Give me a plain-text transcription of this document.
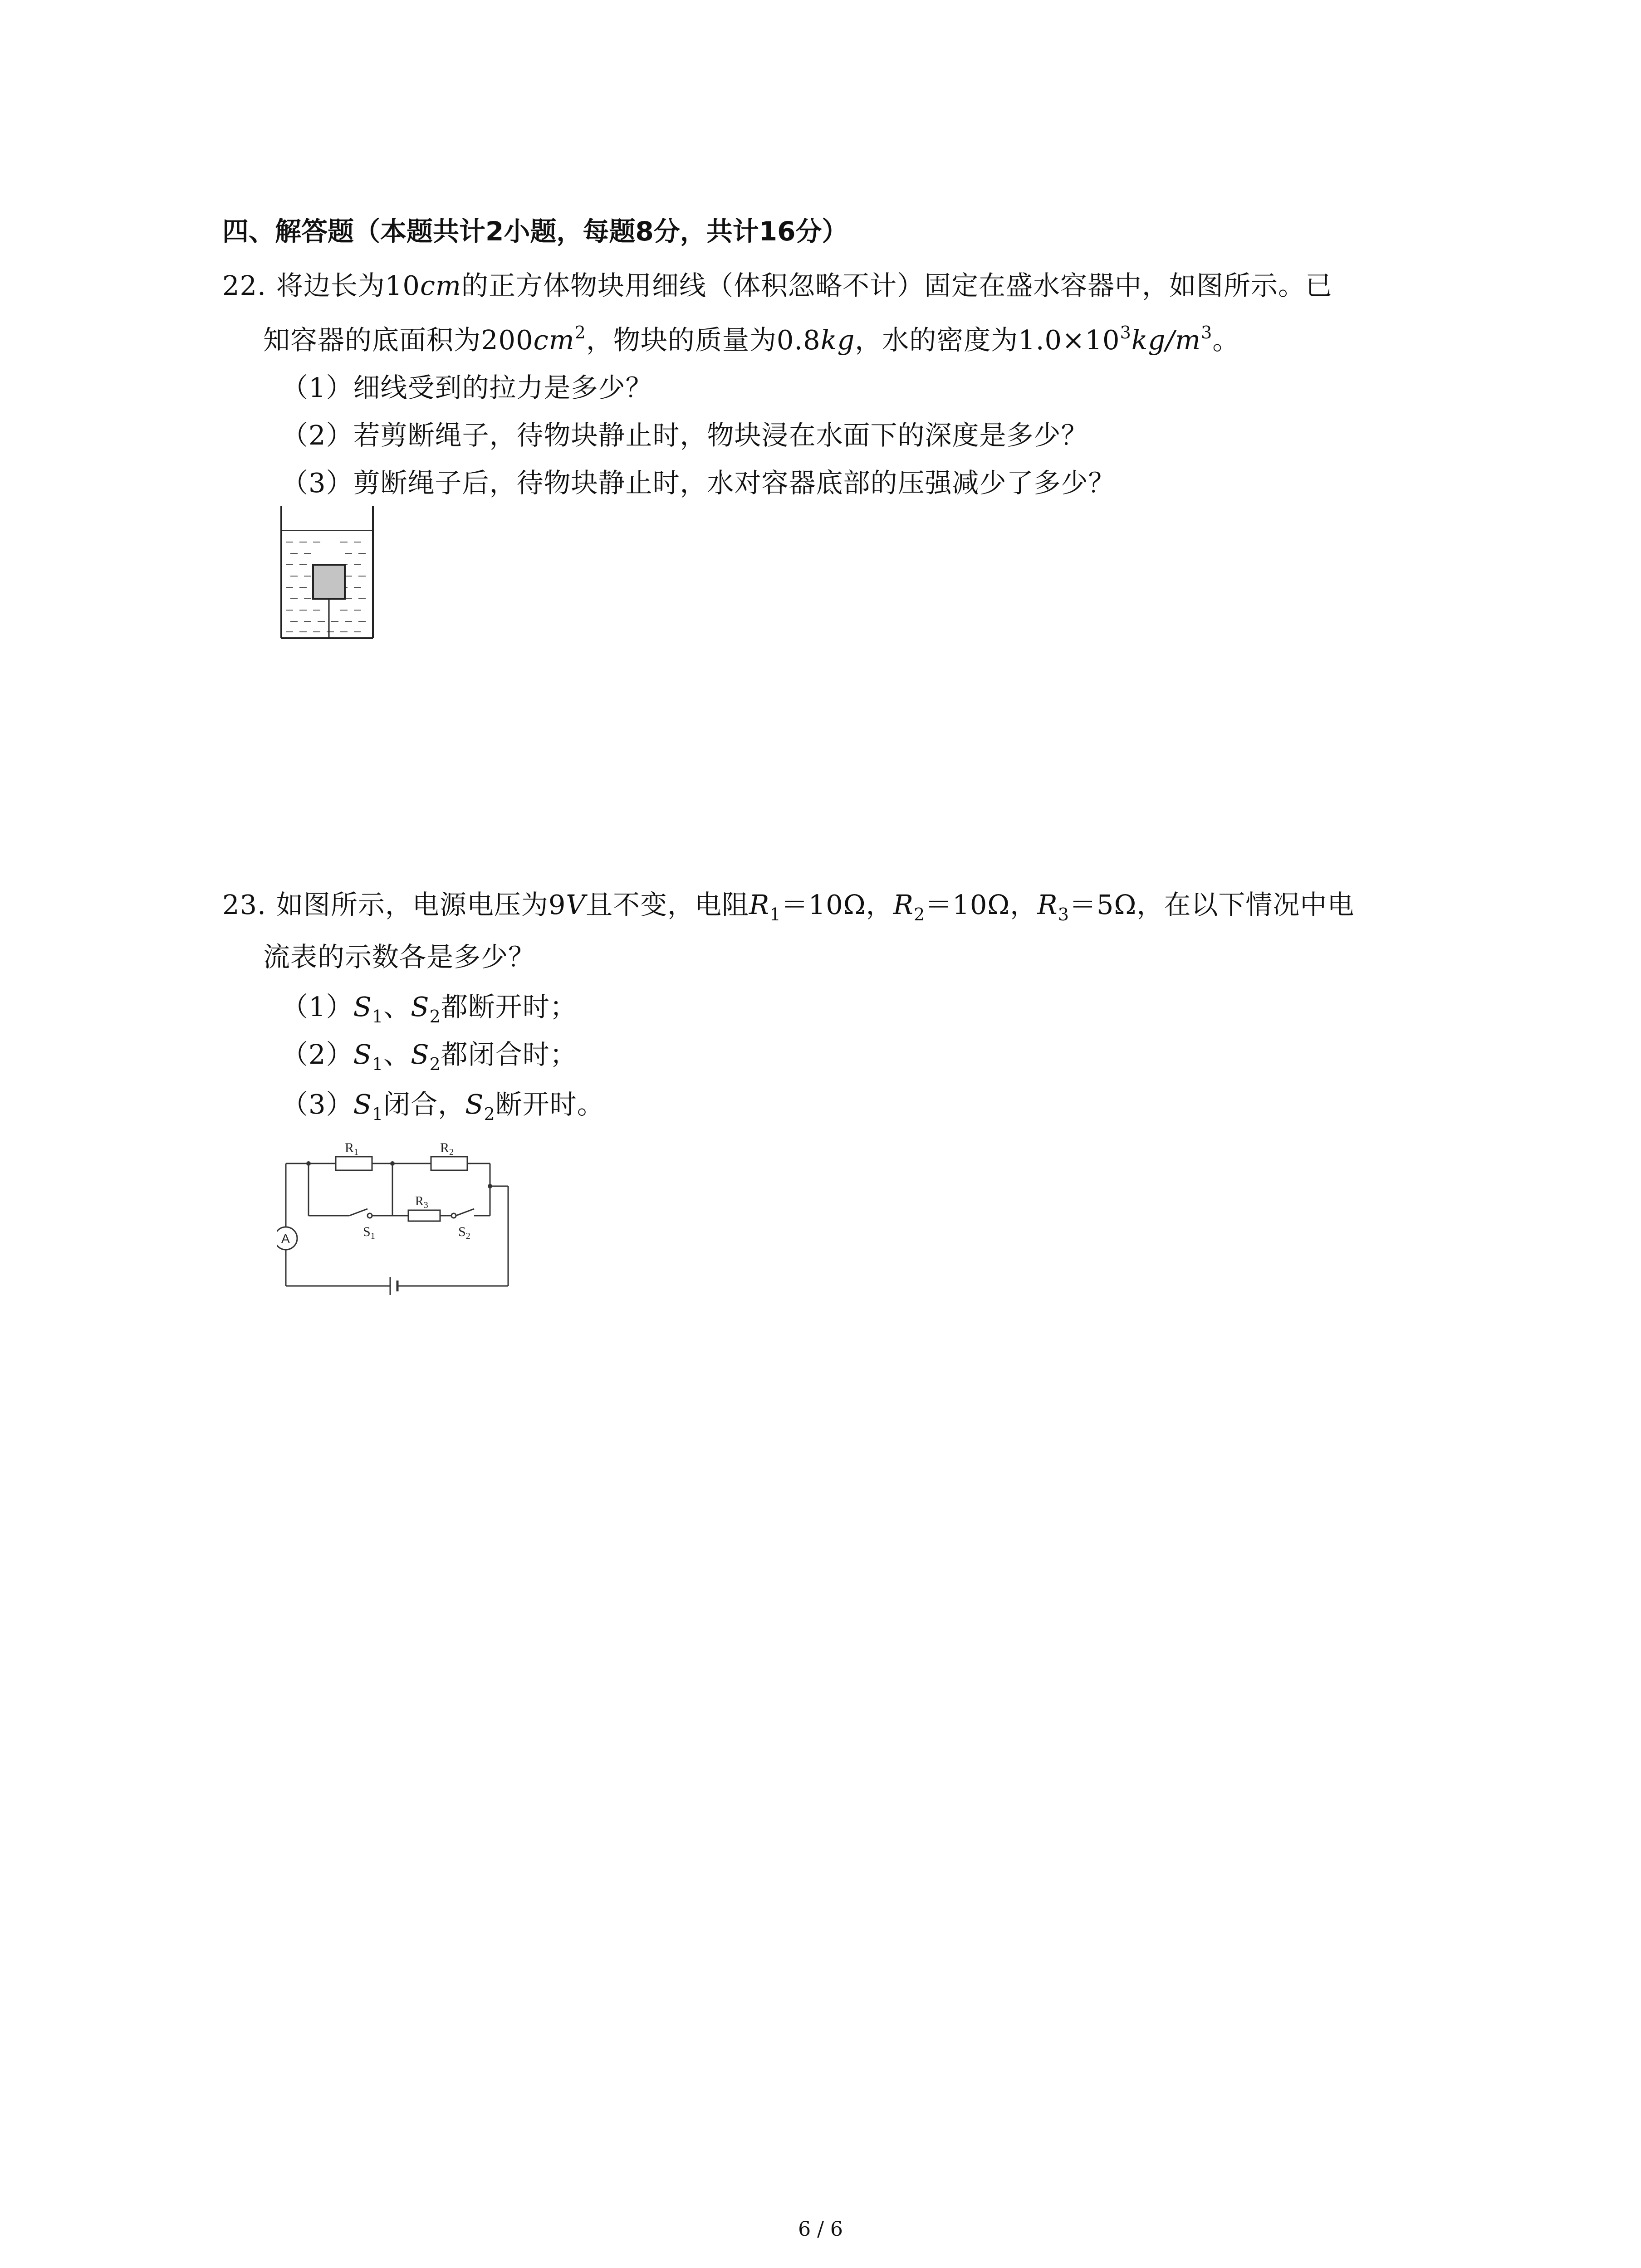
四、解答题（本题共计2小题，每题8分，共计16分）
22. 将边长为10cm的正方体物块用细线（体积忽略不计）固定在盛水容器中，如图所示。已
知容器的底面积为$200cm^2$，物块的质量为0.8kg，水的密度为$1.0\times 10^3kg/m^3$。
（1）细线受到的拉力是多少？
（2）若剪断绳子，待物块静止时，物块浸在水面下的深度是多少？
（3）剪断绳子后，待物块静止时，水对容器底部的压强减少了多少？
23. 如图所示，电源电压为9V且不变，电阻$R_1=10\Omega$，$R_2=10\Omega$，$R_3=5\Omega$，在以下情况中电
流表的示数各是多少？
$(1)S_1$、$S_2$都断开时；
$(2)S_1$、$S_2$都闭合时；
$(3)S_1$闭合，$S_2$断开时。
$R_1$	$R_2$
$R_3$
$S_1$	$S_2$
A
6 / 6
